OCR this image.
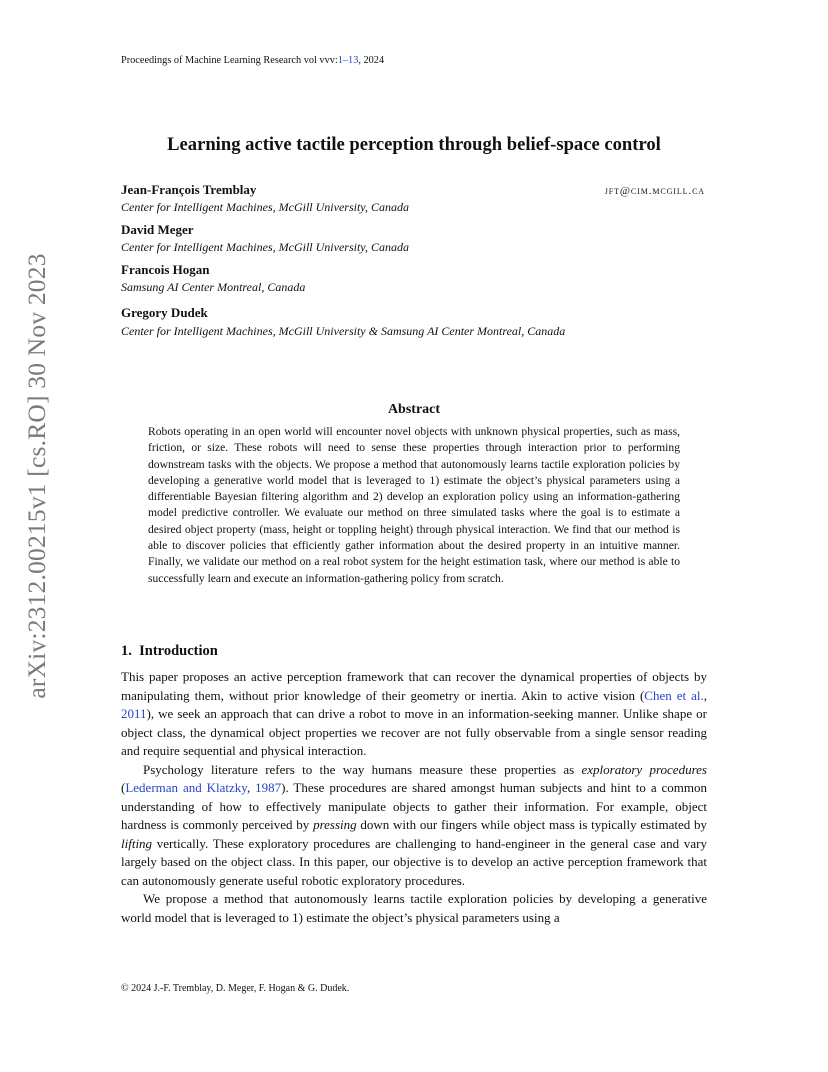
arXiv:2312.00215v1 [cs.RO] 30 Nov 2023
Proceedings of Machine Learning Research vol vvv:1–13, 2024
Learning active tactile perception through belief-space control
Jean-François Tremblay	jft@cim.mcgill.ca
Center for Intelligent Machines, McGill University, Canada
David Meger
Center for Intelligent Machines, McGill University, Canada
Francois Hogan
Samsung AI Center Montreal, Canada
Gregory Dudek
Center for Intelligent Machines, McGill University & Samsung AI Center Montreal, Canada
Abstract
Robots operating in an open world will encounter novel objects with unknown physical properties, such as mass, friction, or size. These robots will need to sense these properties through interaction prior to performing downstream tasks with the objects. We propose a method that autonomously learns tactile exploration policies by developing a generative world model that is leveraged to 1) estimate the object’s physical parameters using a differentiable Bayesian filtering algorithm and 2) develop an exploration policy using an information-gathering model predictive controller. We evaluate our method on three simulated tasks where the goal is to estimate a desired object property (mass, height or toppling height) through physical interaction. We find that our method is able to discover policies that efficiently gather information about the desired property in an intuitive manner. Finally, we validate our method on a real robot system for the height estimation task, where our method is able to successfully learn and execute an information-gathering policy from scratch.
1. Introduction

This paper proposes an active perception framework that can recover the dynamical properties of objects by manipulating them, without prior knowledge of their geometry or inertia. Akin to active vision (Chen et al., 2011), we seek an approach that can drive a robot to move in an information-seeking manner. Unlike shape or object class, the dynamical object properties we recover are not fully observable from a single sensor reading and require sequential and physical interaction.

Psychology literature refers to the way humans measure these properties as exploratory procedures (Lederman and Klatzky, 1987). These procedures are shared amongst human subjects and hint to a common understanding of how to effectively manipulate objects to gather their information. For example, object hardness is commonly perceived by pressing down with our fingers while object mass is typically estimated by lifting vertically. These exploratory procedures are challenging to hand-engineer in the general case and vary largely based on the object class. In this paper, our objective is to develop an active perception framework that can autonomously generate useful robotic exploratory procedures.

We propose a method that autonomously learns tactile exploration policies by developing a generative world model that is leveraged to 1) estimate the object’s physical parameters using a

© 2024 J.-F. Tremblay, D. Meger, F. Hogan & G. Dudek.
